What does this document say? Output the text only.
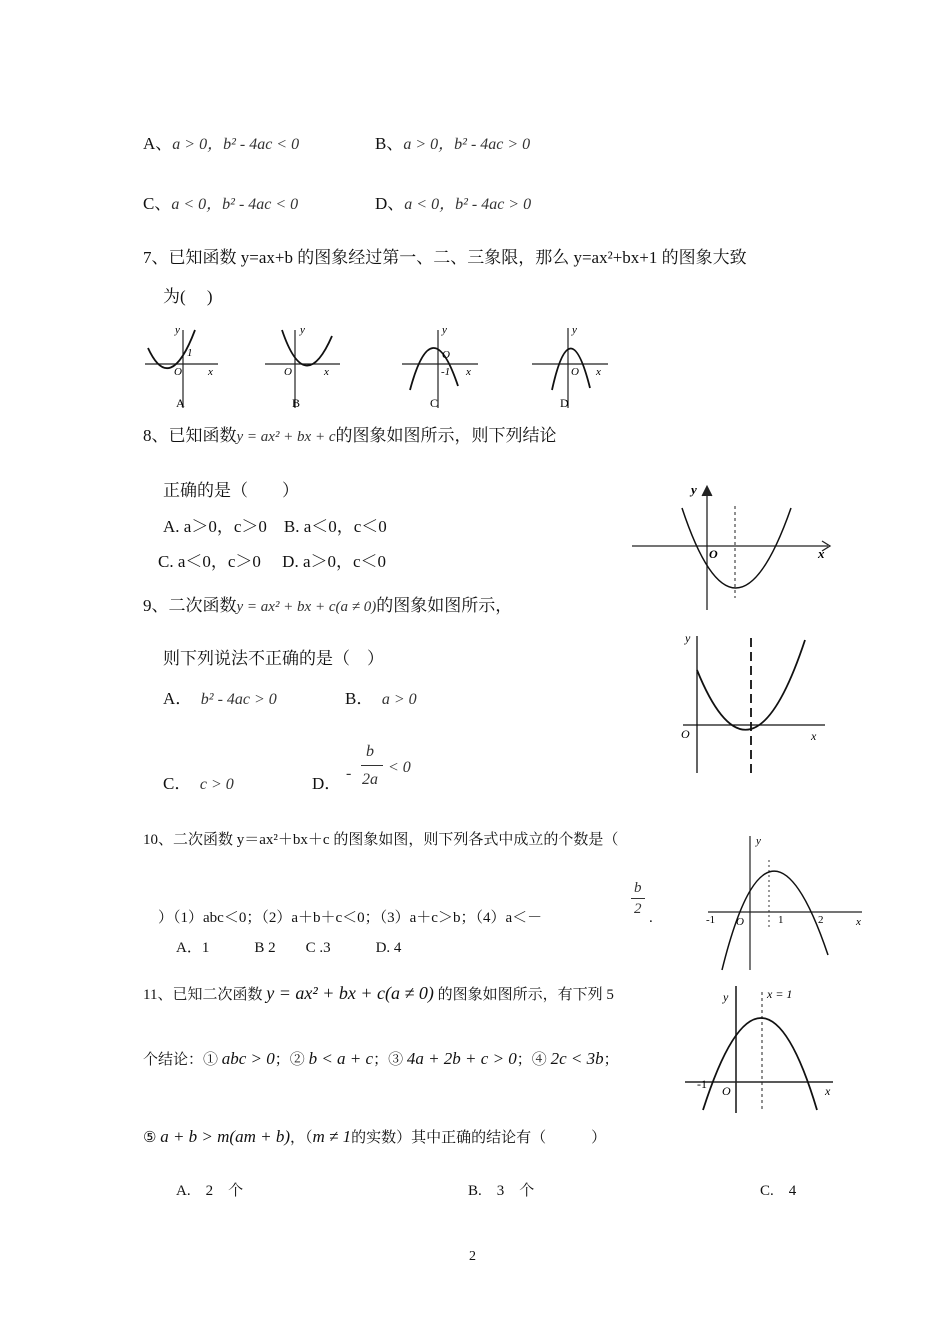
A、a > 0，b² - 4ac < 0	B、a > 0，b² - 4ac > 0
C、a < 0，b² - 4ac < 0	D、a < 0，b² - 4ac > 0
7、已知函数 y=ax+b 的图象经过第一、二、三象限，那么 y=ax²+bx+1 的图象大致
为(　 )
y
x
O
1
A
y
x
O
B
y
x
O
-1
C
y
x
O
D
8、已知函数y = ax² + bx + c的图象如图所示，则下列结论
正确的是（　　）
A. a＞0，c＞0　B. a＜0，c＜0
C. a＜0，c＞0　 D. a＞0，c＜0
y
x
O
9、二次函数y = ax² + bx + c(a ≠ 0)的图象如图所示，
则下列说法不正确的是（　）
A． b² - 4ac > 0	B． a > 0
C． c > 0	D．
-
b
2a
< 0
y
x
O
10、二次函数 y＝ax²＋bx＋c 的图象如图，则下列各式中成立的个数是（
）（1）abc＜0；（2）a＋b＋c＜0；（3）a＋c＞b；（4）a＜－
b
2
.
A．1　　　B 2　　C .3　　　D. 4
y
x
O
-1	1	2
11、已知二次函数 y = ax² + bx + c(a ≠ 0) 的图象如图所示，有下列 5
个结论：① abc > 0；② b < a + c；③ 4a + 2b + c > 0；④ 2c < 3b；
⑤ a + b > m(am + b)，（m ≠ 1的实数）其中正确的结论有（　　　）
A.　2　个	B.　3　个	C.　4
y
x
O
-1
x = 1
2
